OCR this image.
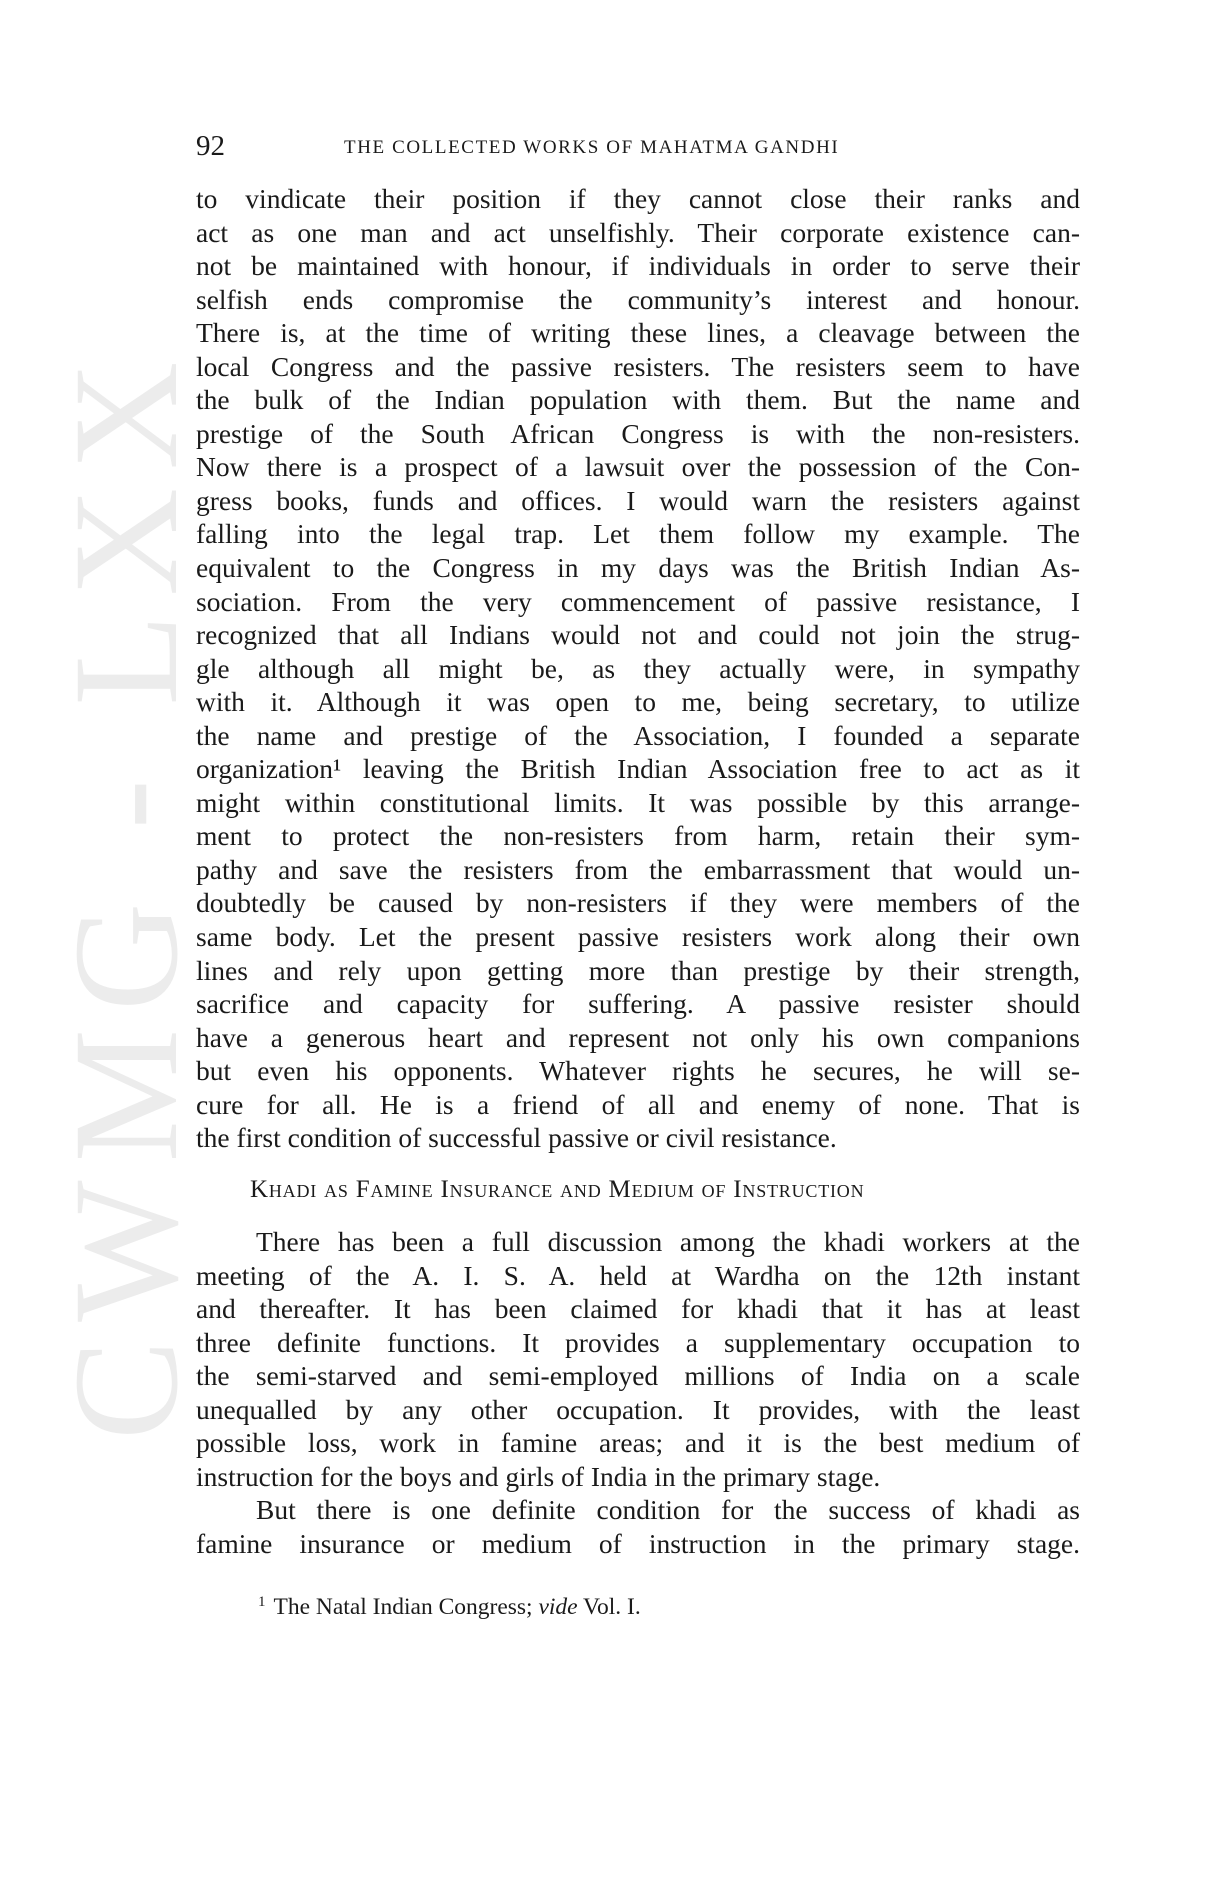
CWMG - LXX
92	THE COLLECTED WORKS OF MAHATMA GANDHI
to vindicate their position if they cannot close their ranks and
act as one man and act unselfishly. Their corporate existence can-
not be maintained with honour, if individuals in order to serve their
selfish ends compromise the community’s interest and honour.
There is, at the time of writing these lines, a cleavage between the
local Congress and the passive resisters. The resisters seem to have
the bulk of the Indian population with them. But the name and
prestige of the South African Congress is with the non-resisters.
Now there is a prospect of a lawsuit over the possession of the Con-
gress books, funds and offices. I would warn the resisters against
falling into the legal trap. Let them follow my example. The
equivalent to the Congress in my days was the British Indian As-
sociation. From the very commencement of passive resistance, I
recognized that all Indians would not and could not join the strug-
gle although all might be, as they actually were, in sympathy
with it. Although it was open to me, being secretary, to utilize
the name and prestige of the Association, I founded a separate
organization¹ leaving the British Indian Association free to act as it
might within constitutional limits. It was possible by this arrange-
ment to protect the non-resisters from harm, retain their sym-
pathy and save the resisters from the embarrassment that would un-
doubtedly be caused by non-resisters if they were members of the
same body. Let the present passive resisters work along their own
lines and rely upon getting more than prestige by their strength,
sacrifice and capacity for suffering. A passive resister should
have a generous heart and represent not only his own companions
but even his opponents. Whatever rights he secures, he will se-
cure for all. He is a friend of all and enemy of none. That is
the first condition of successful passive or civil resistance.
Khadi as Famine Insurance and Medium of Instruction
There has been a full discussion among the khadi workers at the
meeting of the A. I. S. A. held at Wardha on the 12th instant
and thereafter. It has been claimed for khadi that it has at least
three definite functions. It provides a supplementary occupation to
the semi-starved and semi-employed millions of India on a scale
unequalled by any other occupation. It provides, with the least
possible loss, work in famine areas; and it is the best medium of
instruction for the boys and girls of India in the primary stage.
But there is one definite condition for the success of khadi as
famine insurance or medium of instruction in the primary stage.
$^1$ The Natal Indian Congress; vide Vol. I.
